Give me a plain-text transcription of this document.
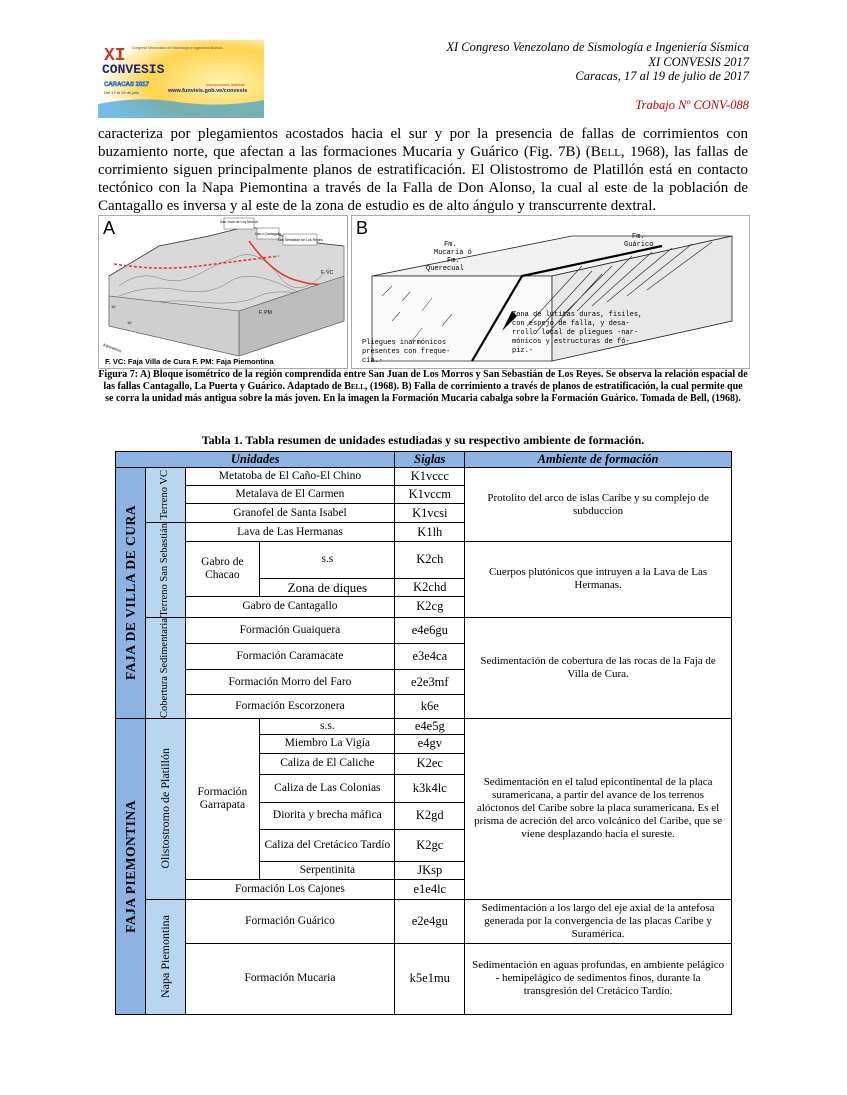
XI
CONVESIS
Congreso Venezolano de Sismología e Ingeniería Sísmica
CARACAS 2017
Del 17 al 19 de julio
Inscripciones abiertas
www.funvisis.gob.ve/convesis
XI Congreso Venezolano de Sismología e Ingeniería Sísmica
XI CONVESIS 2017
Caracas, 17 al 19 de julio de 2017
Trabajo Nº CONV-088
caracteriza por plegamientos acostados hacia el sur y por la presencia de fallas de corrimientos con buzamiento norte, que afectan a las formaciones Mucaria y Guárico (Fig. 7B) (Bell, 1968), las fallas de corrimiento siguen principalmente planos de estratificación. El Olistostromo de Platillón está en contacto tectónico con la Napa Piemontina a través de la Falla de Don Alonso, la cual al este de la población de Cantagallo es inversa y al este de la zona de estudio es de alto ángulo y transcurrente dextral.
A	San Juan de Los Morros
Cerro Cantagallo
San Sebastián de Los Reyes
F. VC
F. PM
10
10
Kilómetros
F. VC: Faja Villa de Cura F. PM: Faja Piemontina
B
Fm.
Mucaria ó
Fm.
Querecual
Fm.
Guárico
Zona de lutitas duras, fisiles,
con espejo de falla, y desa-
rrollo local de pliegues -nar-
mónicos y estructuras de fó-
piz.-
Pliegues inarmónicos
presentes con freque-
cia.-
Figura 7: A) Bloque isométrico de la región comprendida entre San Juan de Los Morros y San Sebastián de Los Reyes. Se observa la relación espacial de las fallas Cantagallo, La Puerta y Guárico. Adaptado de Bell, (1968). B) Falla de corrimiento a través de planos de estratificación, la cual permite que se corra la unidad más antigua sobre la más joven. En la imagen la Formación Mucaria cabalga sobre la Formación Guárico. Tomada de Bell, (1968).
Tabla 1. Tabla resumen de unidades estudiadas y su respectivo ambiente de formación.
Unidades				Siglas	Ambiente de formación

FAJA DE VILLA DE CURA	Terreno VC	Metatoba de El Caño-El Chino		K1vccc	Protolito del arco de islas Caribe y su complejo de subduccion
		Metalava de El Carmen		K1vccm	
		Granofel de Santa Isabel		K1vcsi	

	Terreno San Sebastián	Lava de Las Hermanas		K1lh	
		Gabro de Chacao	s.s	K2ch	Cuerpos plutónicos que intruyen a la Lava de Las Hermanas.
			Zona de diques	K2chd	
		Gabro de Cantagallo		K2cg	

	Cobertura Sedimentaria	Formación Guaiquera		e4e6gu	Sedimentación de cobertura de las rocas de la Faja de Villa de Cura.
		Formación Caramacate		e3e4ca	
		Formación Morro del Faro		e2e3mf	
		Formación Escorzonera		k6e	

FAJA PIEMONTINA	Olistostromo de Platillón	Formación Garrapata	s.s.	e4e5g	Sedimentación en el talud epicontinental de la placa suramericana, a partir del avance de los terrenos alóctonos del Caribe sobre la placa suramericana. Es el prisma de acreción del arco volcánico del Caribe, que se viene desplazando hacia el sureste.
			Miembro La Vigía	e4gv	
			Caliza de El Caliche	K2ec	
			Caliza de Las Colonias	k3k4lc	
			Diorita y brecha máfica	K2gd	
			Caliza del Cretácico Tardío	K2gc	
			Serpentinita	JKsp	
		Formación Los Cajones		e1e4lc	

	Napa Piemontina	Formación Guárico		e2e4gu	Sedimentación a los largo del eje axial de la antefosa generada por la convergencia de las placas Caribe y Suramérica.
		Formación Mucaria		k5e1mu	Sedimentación en aguas profundas, en ambiente pelágico - hemipelágico de sedimentos finos, durante la transgresión del Cretácico Tardío.
